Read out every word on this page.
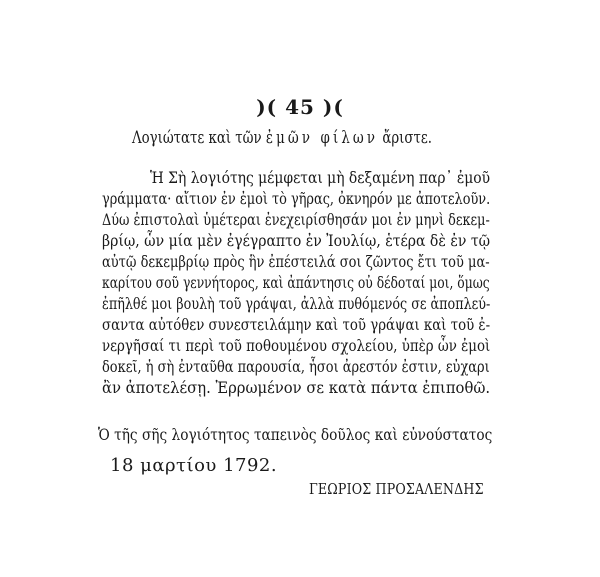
)( 45 )(
Λογιώτατε καὶ τῶν ἐμῶν φίλων ἄριστε.
Ἡ Σὴ λογιότης μέμφεται μὴ δεξαμένη παρ᾽ ἐμοῦ
γράμματα· αἴτιον ἐν ἐμοὶ τὸ γῆρας, ὀκνηρόν με ἀποτελοῦν.
Δύω ἐπιστολαὶ ὑμέτεραι ἐνεχειρίσθησάν μοι ἐν μηνὶ δεκεμ-
βρίῳ, ὧν μία μὲν ἐγέγραπτο ἐν Ἰουλίῳ, ἑτέρα δὲ ἐν τῷ
αὐτῷ δεκεμβρίῳ πρὸς ἣν ἐπέστειλά σοι ζῶντος ἔτι τοῦ μα-
καρίτου σοῦ γεννήτορος, καὶ ἀπάντησις οὐ δέδοταί μοι, ὅμως
ἐπῆλθέ μοι βουλὴ τοῦ γράψαι, ἀλλὰ πυθόμενός σε ἀποπλεύ-
σαντα αὐτόθεν συνεστειλάμην καὶ τοῦ γράψαι καὶ τοῦ ἐ-
νεργῆσαί τι περὶ τοῦ ποθουμένου σχολείου, ὑπὲρ ὧν ἐμοὶ
δοκεῖ, ἡ σὴ ἐνταῦθα παρουσία, ἧσοι ἀρεστόν ἐστιν, εὐχαρι
ἂν ἀποτελέσῃ. Ἐρρωμένον σε κατὰ πάντα ἐπιποθῶ.
Ὁ τῆς σῆς λογιότητος ταπεινὸς δοῦλος καὶ εὐνούστατος
18 μαρτίου 1792.
ΓΕΩΡΙΟΣ ΠΡΟΣΑΛΕΝΔΗΣ
